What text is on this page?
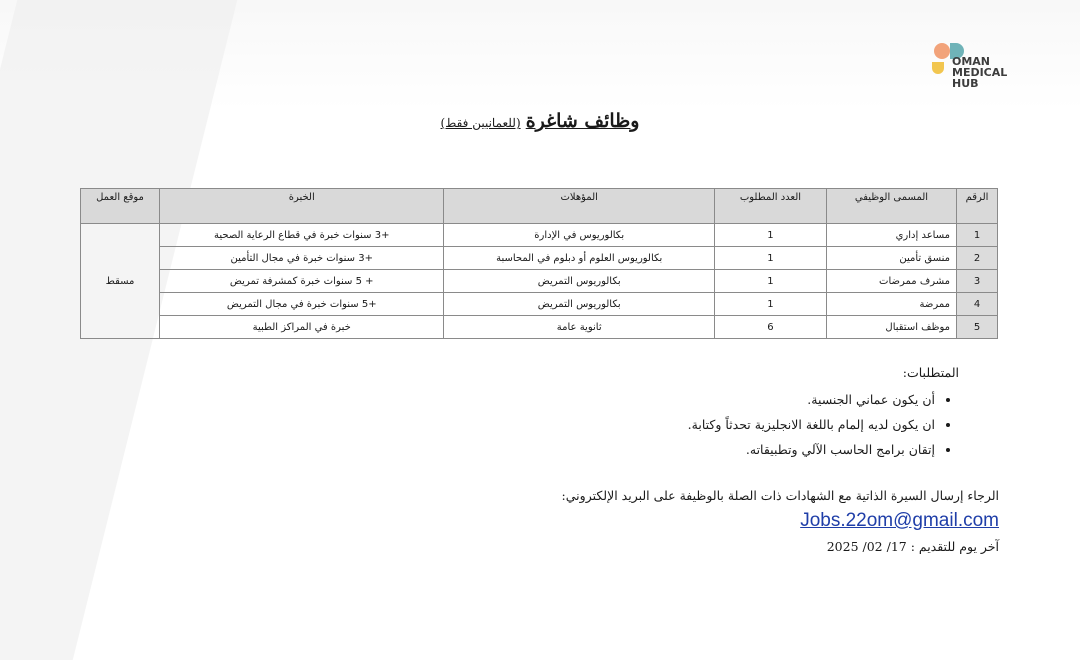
OMAN
MEDICAL
HUB
وظائف شاغرة (للعمانيين فقط)
الرقم	المسمى الوظيفي	العدد المطلوب	المؤهلات	الخبرة	موقع العمل
1	مساعد إداري	1	بكالوريوس في الإدارة	+3 سنوات خبرة في قطاع الرعاية الصحية	مسقط
2	منسق تأمين	1	بكالوريوس العلوم أو دبلوم في المحاسبة	+3 سنوات خبرة في مجال التأمين	
3	مشرف ممرضات	1	بكالوريوس التمريض	+ 5 سنوات خبرة كمشرفة تمريض	
4	ممرضة	1	بكالوريوس التمريض	+5 سنوات خبرة في مجال التمريض	
5	موظف استقبال	6	ثانوية عامة	خبرة في المراكز الطبية	
المتطلبات:
• أن يكون عماني الجنسية.
• ان يكون لديه إلمام باللغة الانجليزية تحدثاً وكتابة.
• إتقان برامج الحاسب الآلي وتطبيقاته.
الرجاء إرسال السيرة الذاتية مع الشهادات ذات الصلة بالوظيفة على البريد الإلكتروني:
Jobs.22om@gmail.com
آخر يوم للتقديم : 17/ 02/ 2025
